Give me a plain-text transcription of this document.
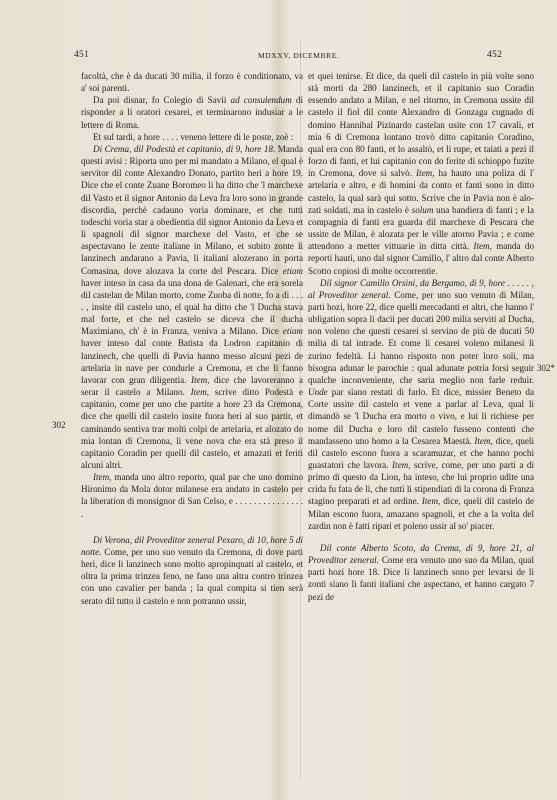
451	MDXXV, DICEMBRE.	452
302
302*

facoltà, che è da ducati 30 milia, il forzo è conditionato, va a' soi parenti.

Da poi disnar, fo Colegio di Savii ad consulendum di risponder a li oratori cesarei, et terminarono indusiar a le lettere di Roma.

Et sul tardi, a hore . . . . veneno lettere di le poste, zoè :

Di Crema, dil Podestà et capitanio, di 9, hore 18. Manda questi avisi : Riporta uno per mi mandato a Milano, el qual è servitor dil conte Alexandro Donato, partito heri a hore 19. Dice che el conte Zuane Boromeo li ha ditto che 'l marchexe dil Vasto et il signor Antonio da Leva fra loro sono in grande discordia, perchè cadauno voria dominare, et che tutti todeschi voria star a obedientia dil signor Antonio da Leva et li spagnoli dil signor marchexe del Vasto, et che se aspectavano le zente italiane in Milano, et subito zonte li lanzinech andarano a Pavia, li italiani alozerano in porta Comasina, dove alozava la corte del Pescara. Dice etiam haver inteso in casa da una dona de Galenari, che era sorela dil castelan de Milan morto, come Zuoba di notte, fo a dì . . . . , insite dil castelo uno, el qual ha ditto che 'l Ducha stava mal forte, et che nel castelo se diceva che il ducha Maximiano, ch' è in Franza, veniva a Milano. Dice etiam haver inteso dal conte Batista da Lodron capitanio di lanzinech, che quelli di Pavia hanno messo alcuni pezi de artelaria in nave per condurle a Cremona, et che li fanno lavorar con gran diligentia. Item, dice che lavoreranno a serar il castelo a Milano. Item, scrive ditto Podestà e capitanio, come per uno che partite a hore 23 da Cremona, dice che quelli dil castelo insite fuora heri al suo partir, et caminando sentiva trar molti colpi de artelaria, et alozato do mia lontan di Cremona, li vene nova che era stà preso il capitanio Coradin per quelli dil castelo, et amazati et feriti alcuni altri.

Item, manda uno altro reporto, qual par che uno domino Hironimo da Mola dotor milanese era andato in castelo per la liberation di monsignor di San Celso, e . . . . . . . . . . . . . . . .

Di Verona, dil Proveditor zeneral Pexaro, di 10, hore 5 di notte. Come, per uno suo venuto da Cremona, di dove parti heri, dice li lanzinech sono molto apropinquati al castelo, et oltra la prima trinzea feno, ne fano una altra contro trinzea con uno cavalier per banda ; la qual compita si tien serà serato dil tutto il castelo e non potranno ussir,

et quei tenirse. Et dice, da queli dil castelo in più volte sono stà morti da 280 lanzinech, et il capitanio suo Coradin essendo andato a Milan, e nel ritorno, in Cremona ussite dil castelo il fiol dil conte Alexandro di Gonzaga cugnado di domino Hannibal Pizinardo castelan usite con 17 cavali, et mia 6 di Cremona lontano trovò ditto capitanio Coradino, qual era con 80 fanti, et lo assaltò, et li rupe, et taiati a pezi il forzo di fanti, et lui capitanio con do ferite di schioppo fuzite in Cremona, dove si salvò. Item, ha hauto una poliza di l' artelaria e altro, e di homini da conto et fanti sono in ditto castelo, la qual sarà qui sotto. Scrive che in Pavia non è alozati soldati, ma in castelo è solum una bandiera di fanti ; e la compagnia di fanti era guarda dil marchexe di Pescara che ussite de Milan, è alozata per le ville atorno Pavia ; e come attendono a metter vittuarie in ditta città. Item, manda do reporti hauti, uno dal signor Camillo, l' altro dal conte Alberto Scotto copiosi di molte occorrentie.

Dil signor Camillo Orsini, da Bergamo, di 9, hore . . . . . , al Proveditor zeneral. Come, per uno suo venuto di Milan, parti hozi, hore 22, dice quelli mercadanti et altri, che hanno l' ubligation sopra li dacii per ducati 200 milia serviti al Ducha, non voleno che questi cesarei si servino de più de ducati 50 milia di tal intrade. Et come li cesarei voleno milanesi li zurino fedeltà. Li hanno risposto non poter loro soli, ma bisogna adunar le parochie : qual adunate potria forsi seguir qualche inconveniente, che saria meglio non farle reduir. Unde par siano restati di farlo. Et dice, missier Beneto da Corte ussite dil castelo et vene a parlar al Leva, qual li dimandò se 'l Ducha era morto o vivo, e lui li richiese per nome dil Ducha e loro dil castelo fusseno contenti che mandasseno uno homo a la Cesarea Maestà. Item, dice, queli dil castelo escono fuora a scaramuzar, et che hanno pochi guastatori che lavora. Item, scrive, come, per uno parti a dì primo di questo da Lion, ha inteso, che lui proprio udite una crida fu fata de lì, che tutti li stipendiati di la corona di Franza stagino preparati et ad ordine. Item, dice, queli dil castelo de Milan escono fuora, amazano spagnoli, et che a la volta del zardin non è fatti ripari et poleno ussir al so' piacer.

Dil conte Alberto Scoto, da Crema, di 9, hore 21, al Proveditor zeneral. Come era venuto uno suo da Milan, qual parti hozi hore 18. Dice li lanzinech sono per levarsi de li zonti siano li fanti italiani che aspectano, et hanno cargato 7 pezi de
